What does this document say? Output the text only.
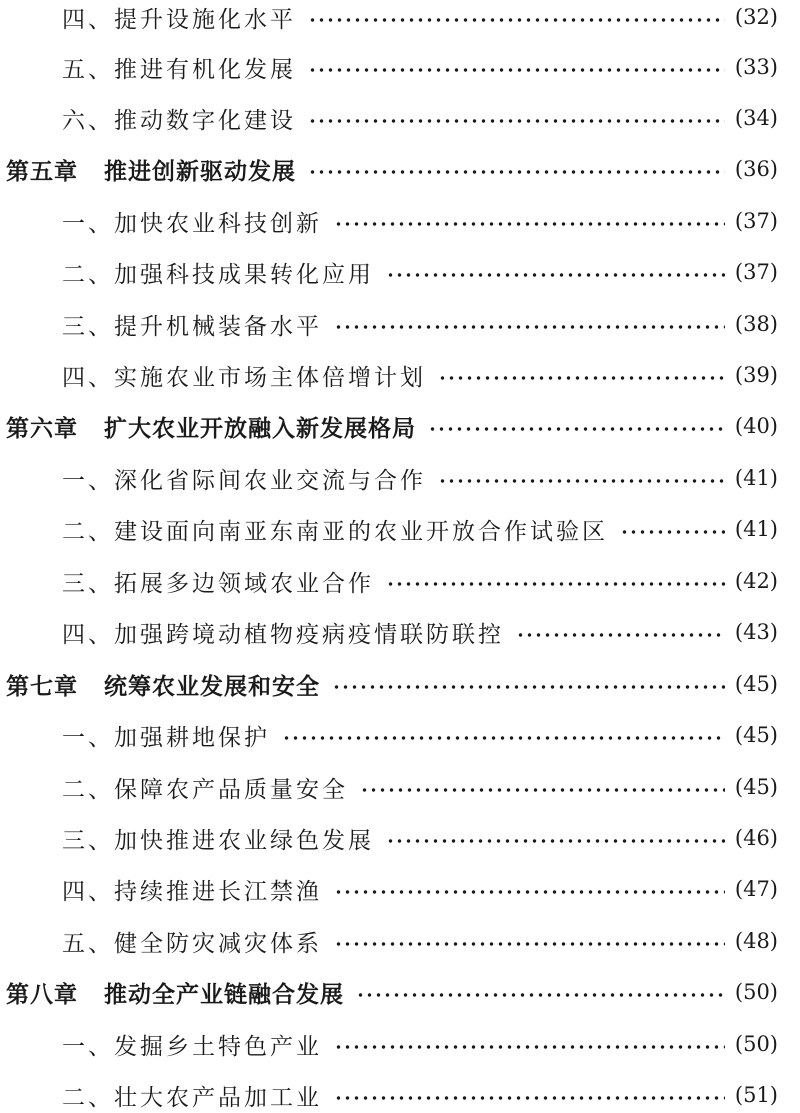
四、提升设施化水平	(32)
五、推进有机化发展	(33)
六、推动数字化建设	(34)
第五章 推进创新驱动发展	(36)
一、加快农业科技创新	(37)
二、加强科技成果转化应用	(37)
三、提升机械装备水平	(38)
四、实施农业市场主体倍增计划	(39)
第六章 扩大农业开放融入新发展格局	(40)
一、深化省际间农业交流与合作	(41)
二、建设面向南亚东南亚的农业开放合作试验区	(41)
三、拓展多边领域农业合作	(42)
四、加强跨境动植物疫病疫情联防联控	(43)
第七章 统筹农业发展和安全	(45)
一、加强耕地保护	(45)
二、保障农产品质量安全	(45)
三、加快推进农业绿色发展	(46)
四、持续推进长江禁渔	(47)
五、健全防灾减灾体系	(48)
第八章 推动全产业链融合发展	(50)
一、发掘乡土特色产业	(50)
二、壮大农产品加工业	(51)
